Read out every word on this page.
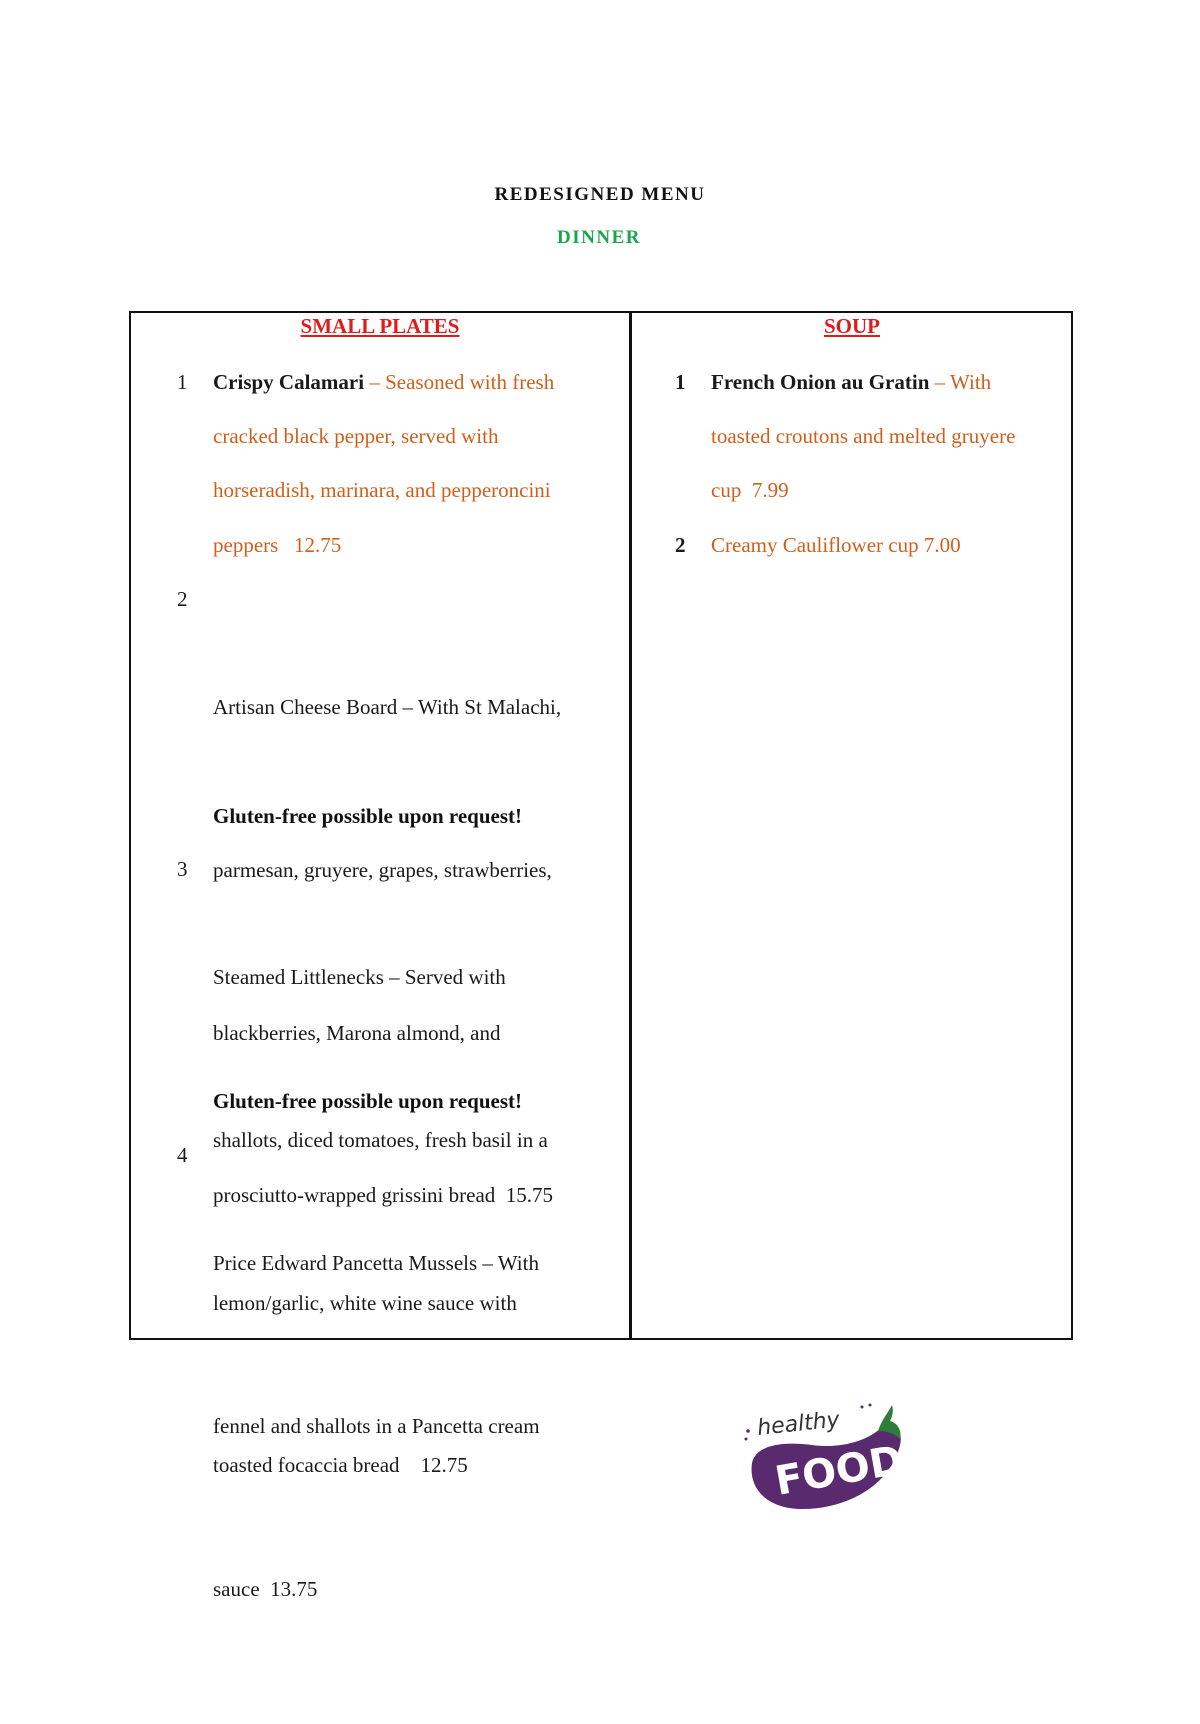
REDESIGNED MENU
DINNER
SMALL PLATES
1 Crispy Calamari – Seasoned with fresh
cracked black pepper, served with
horseradish, marinara, and pepperoncini
peppers   12.75
2

Artisan Cheese Board – With St Malachi,

parmesan, gruyere, grapes, strawberries,

blackberries, Marona almond, and

prosciutto-wrapped grissini bread  15.75

Gluten-free possible upon request!
3

Steamed Littlenecks – Served with

shallots, diced tomatoes, fresh basil in a

lemon/garlic, white wine sauce with

toasted focaccia bread    12.75

Gluten-free possible upon request!
4

Price Edward Pancetta Mussels – With

fennel and shallots in a Pancetta cream

sauce  13.75

SOUP
1 French Onion au Gratin – With
toasted croutons and melted gruyere
cup  7.99
2 Creamy Cauliflower cup 7.00
healthy
FOOD
